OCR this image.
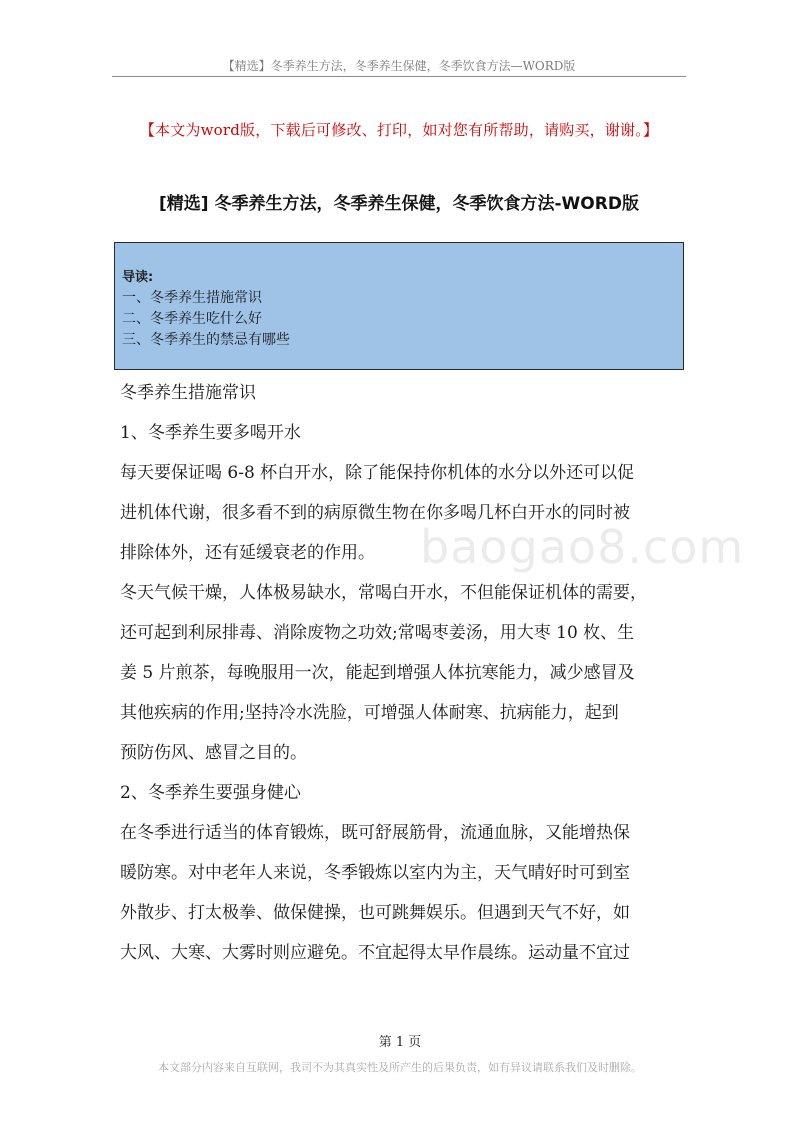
【精选】冬季养生方法，冬季养生保健，冬季饮食方法—WORD版
【本文为word版，下载后可修改、打印，如对您有所帮助，请购买，谢谢。】
[精选] 冬季养生方法，冬季养生保健，冬季饮食方法-WORD版
导读:
一、冬季养生措施常识
二、冬季养生吃什么好
三、冬季养生的禁忌有哪些
冬季养生措施常识
1、冬季养生要多喝开水
每天要保证喝 6-8 杯白开水，除了能保持你机体的水分以外还可以促
进机体代谢，很多看不到的病原微生物在你多喝几杯白开水的同时被
排除体外，还有延缓衰老的作用。
冬天气候干燥，人体极易缺水，常喝白开水，不但能保证机体的需要，
还可起到利尿排毒、消除废物之功效;常喝枣姜汤，用大枣 10 枚、生
姜 5 片煎茶，每晚服用一次，能起到增强人体抗寒能力，减少感冒及
其他疾病的作用;坚持冷水洗脸，可增强人体耐寒、抗病能力，起到
预防伤风、感冒之目的。
2、冬季养生要强身健心
在冬季进行适当的体育锻炼，既可舒展筋骨，流通血脉，又能增热保
暖防寒。对中老年人来说，冬季锻炼以室内为主，天气晴好时可到室
外散步、打太极拳、做保健操，也可跳舞娱乐。但遇到天气不好，如
大风、大寒、大雾时则应避免。不宜起得太早作晨练。运动量不宜过
baogao8.com
第 1 页
本文部分内容来自互联网，我司不为其真实性及所产生的后果负责，如有异议请联系我们及时删除。
